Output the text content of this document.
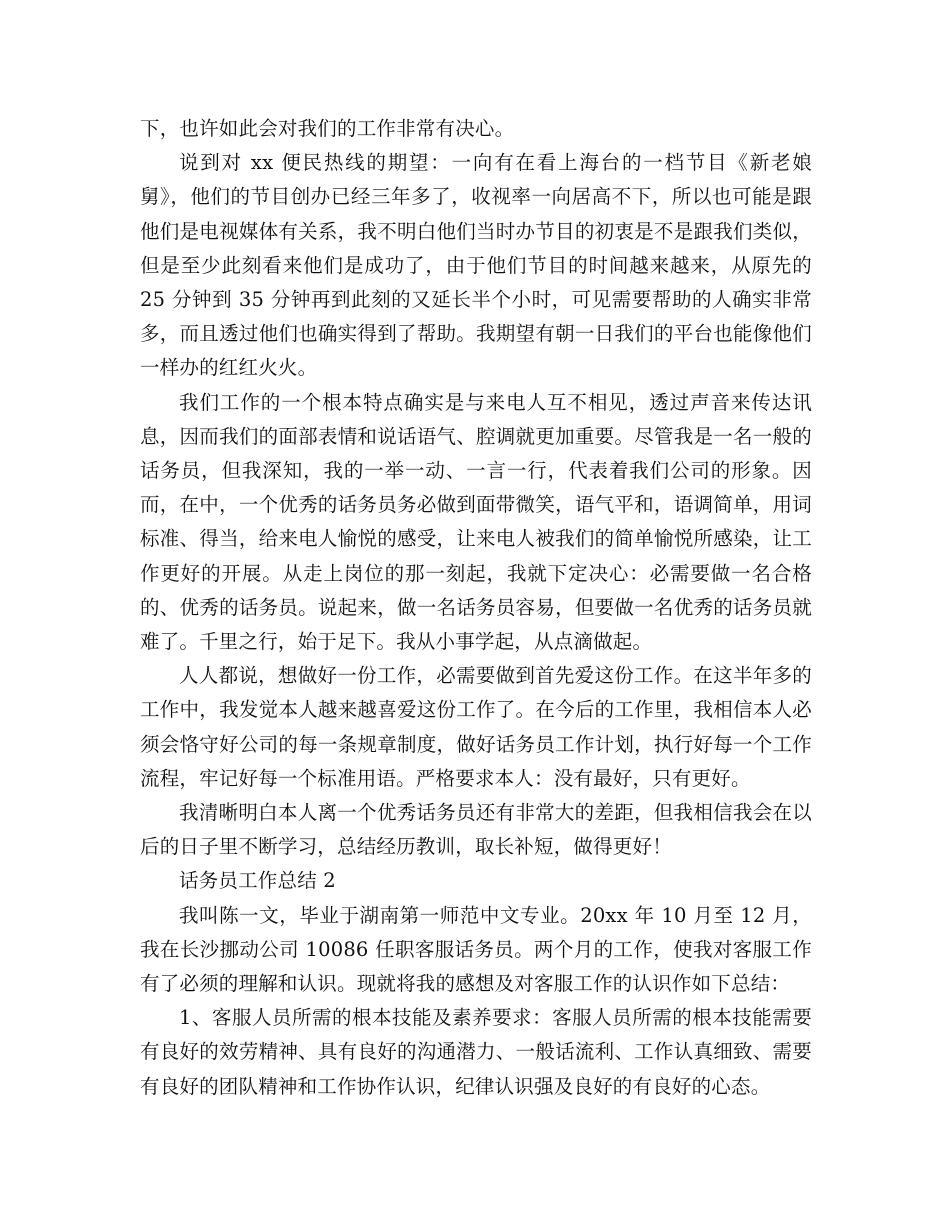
下，也许如此会对我们的工作非常有决心。

说到对 xx 便民热线的期望：一向有在看上海台的一档节目《新老娘舅》，他们的节目创办已经三年多了，收视率一向居高不下，所以也可能是跟他们是电视媒体有关系，我不明白他们当时办节目的初衷是不是跟我们类似，但是至少此刻看来他们是成功了，由于他们节目的时间越来越来，从原先的 25 分钟到 35 分钟再到此刻的又延长半个小时，可见需要帮助的人确实非常多，而且透过他们也确实得到了帮助。我期望有朝一日我们的平台也能像他们一样办的红红火火。

我们工作的一个根本特点确实是与来电人互不相见，透过声音来传达讯息，因而我们的面部表情和说话语气、腔调就更加重要。尽管我是一名一般的话务员，但我深知，我的一举一动、一言一行，代表着我们公司的形象。因而，在中，一个优秀的话务员务必做到面带微笑，语气平和，语调简单，用词标准、得当，给来电人愉悦的感受，让来电人被我们的简单愉悦所感染，让工作更好的开展。从走上岗位的那一刻起，我就下定决心：必需要做一名合格的、优秀的话务员。说起来，做一名话务员容易，但要做一名优秀的话务员就难了。千里之行，始于足下。我从小事学起，从点滴做起。

人人都说，想做好一份工作，必需要做到首先爱这份工作。在这半年多的工作中，我发觉本人越来越喜爱这份工作了。在今后的工作里，我相信本人必须会恪守好公司的每一条规章制度，做好话务员工作计划，执行好每一个工作流程，牢记好每一个标准用语。严格要求本人：没有最好，只有更好。

我清晰明白本人离一个优秀话务员还有非常大的差距，但我相信我会在以后的日子里不断学习，总结经历教训，取长补短，做得更好！

话务员工作总结 2

我叫陈一文，毕业于湖南第一师范中文专业。20xx 年 10 月至 12 月，我在长沙挪动公司 10086 任职客服话务员。两个月的工作，使我对客服工作有了必须的理解和认识。现就将我的感想及对客服工作的认识作如下总结：

1、客服人员所需的根本技能及素养要求：客服人员所需的根本技能需要有良好的效劳精神、具有良好的沟通潜力、一般话流利、工作认真细致、需要有良好的团队精神和工作协作认识，纪律认识强及良好的有良好的心态。
